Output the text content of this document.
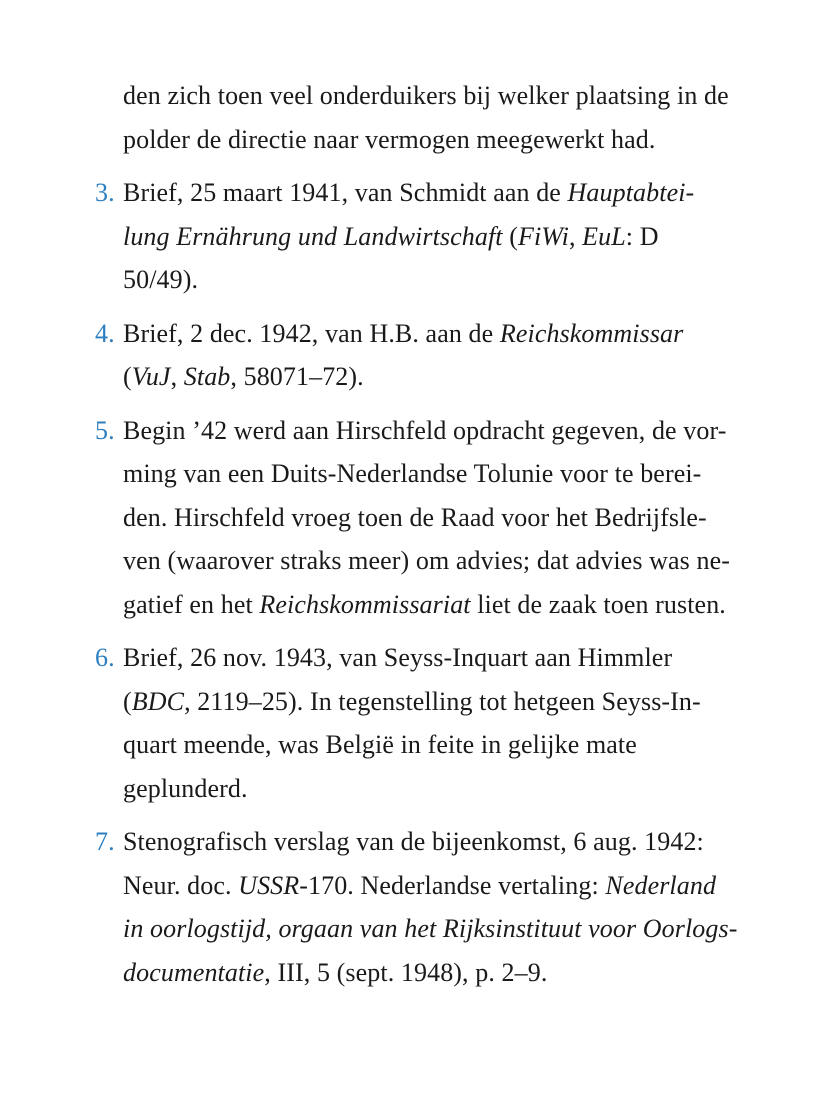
den zich toen veel onderduikers bij welker plaatsing in de
polder de directie naar vermogen meegewerkt had.
3. Brief, 25 maart 1941, van Schmidt aan de Hauptabtei-
lung Ernährung und Landwirtschaft (FiWi, EuL: D
50/49).
4. Brief, 2 dec. 1942, van H.B. aan de Reichskommissar
(VuJ, Stab, 58071–72).
5. Begin ’42 werd aan Hirschfeld opdracht gegeven, de vor-
ming van een Duits-Nederlandse Tolunie voor te berei-
den. Hirschfeld vroeg toen de Raad voor het Bedrijfsle-
ven (waarover straks meer) om advies; dat advies was ne-
gatief en het Reichskommissariat liet de zaak toen rusten.
6. Brief, 26 nov. 1943, van Seyss-Inquart aan Himmler
(BDC, 2119–25). In tegenstelling tot hetgeen Seyss-In-
quart meende, was België in feite in gelijke mate
geplunderd.
7. Stenografisch verslag van de bijeenkomst, 6 aug. 1942:
Neur. doc. USSR-170. Nederlandse vertaling: Nederland
in oorlogstijd, orgaan van het Rijksinstituut voor Oorlogs-
documentatie, III, 5 (sept. 1948), p. 2–9.
